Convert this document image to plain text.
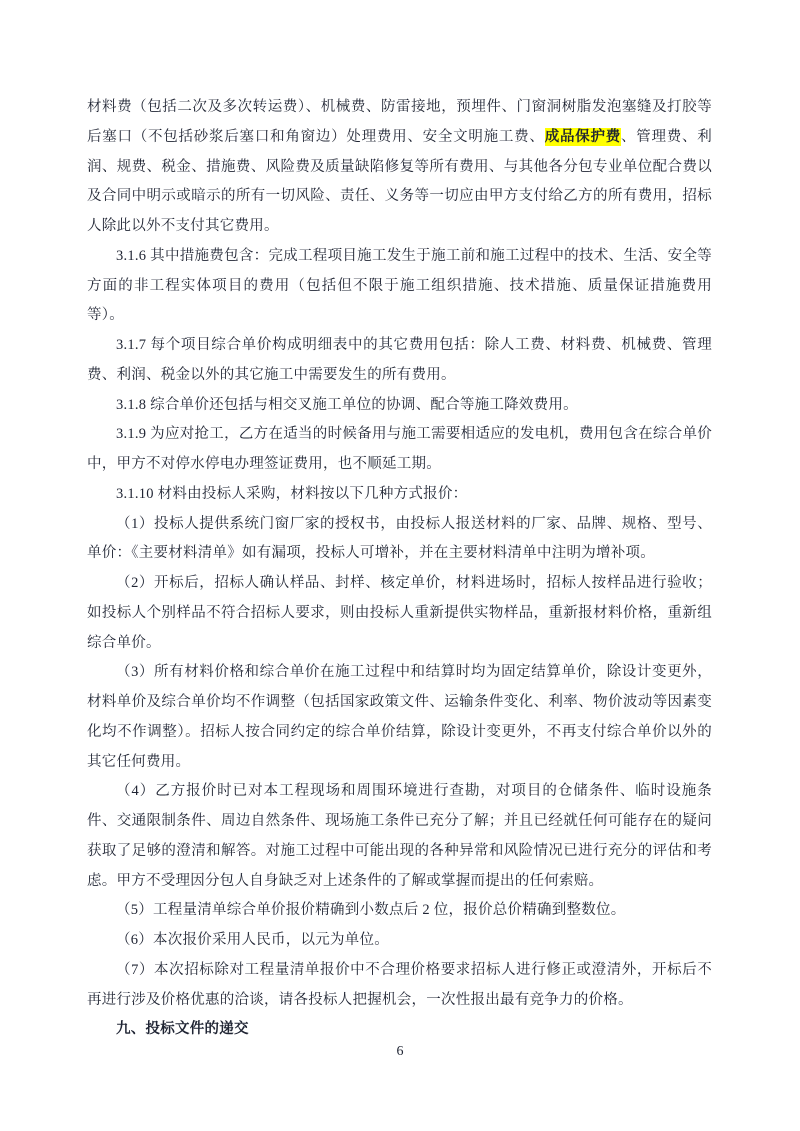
材料费（包括二次及多次转运费）、机械费、防雷接地，预埋件、门窗洞树脂发泡塞缝及打胶等后塞口（不包括砂浆后塞口和角窗边）处理费用、安全文明施工费、成品保护费、管理费、利润、规费、税金、措施费、风险费及质量缺陷修复等所有费用、与其他各分包专业单位配合费以及合同中明示或暗示的所有一切风险、责任、义务等一切应由甲方支付给乙方的所有费用，招标人除此以外不支付其它费用。

3.1.6 其中措施费包含：完成工程项目施工发生于施工前和施工过程中的技术、生活、安全等方面的非工程实体项目的费用（包括但不限于施工组织措施、技术措施、质量保证措施费用等）。

3.1.7 每个项目综合单价构成明细表中的其它费用包括：除人工费、材料费、机械费、管理费、利润、税金以外的其它施工中需要发生的所有费用。

3.1.8 综合单价还包括与相交叉施工单位的协调、配合等施工降效费用。

3.1.9 为应对抢工，乙方在适当的时候备用与施工需要相适应的发电机，费用包含在综合单价中，甲方不对停水停电办理签证费用，也不顺延工期。

3.1.10 材料由投标人采购，材料按以下几种方式报价：

（1）投标人提供系统门窗厂家的授权书，由投标人报送材料的厂家、品牌、规格、型号、单价：《主要材料清单》如有漏项，投标人可增补，并在主要材料清单中注明为增补项。

（2）开标后，招标人确认样品、封样、核定单价，材料进场时，招标人按样品进行验收；如投标人个别样品不符合招标人要求，则由投标人重新提供实物样品，重新报材料价格，重新组综合单价。

（3）所有材料价格和综合单价在施工过程中和结算时均为固定结算单价，除设计变更外，材料单价及综合单价均不作调整（包括国家政策文件、运输条件变化、利率、物价波动等因素变化均不作调整）。招标人按合同约定的综合单价结算，除设计变更外，不再支付综合单价以外的其它任何费用。

（4）乙方报价时已对本工程现场和周围环境进行查勘，对项目的仓储条件、临时设施条件、交通限制条件、周边自然条件、现场施工条件已充分了解；并且已经就任何可能存在的疑问获取了足够的澄清和解答。对施工过程中可能出现的各种异常和风险情况已进行充分的评估和考虑。甲方不受理因分包人自身缺乏对上述条件的了解或掌握而提出的任何索赔。

（5）工程量清单综合单价报价精确到小数点后 2 位，报价总价精确到整数位。

（6）本次报价采用人民币，以元为单位。

（7）本次招标除对工程量清单报价中不合理价格要求招标人进行修正或澄清外，开标后不再进行涉及价格优惠的洽谈，请各投标人把握机会，一次性报出最有竞争力的价格。

九、投标文件的递交

6
